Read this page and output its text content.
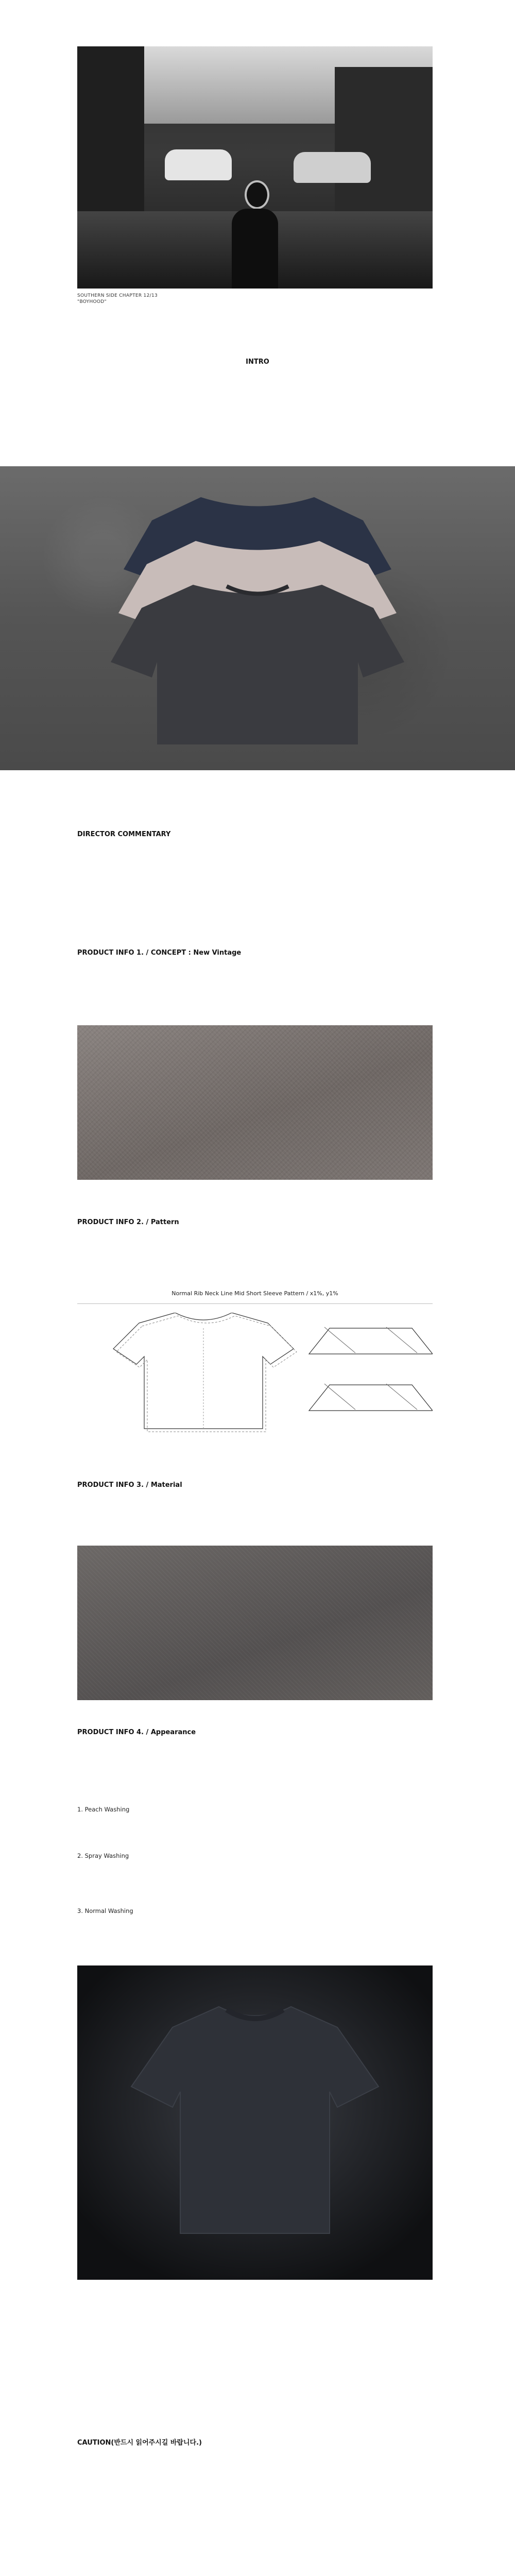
SOUTHERN SIDE CHAPTER 12/13
"BOYHOOD"
INTRO
DIRECTOR COMMENTARY
PRODUCT INFO 1. / CONCEPT : New Vintage
PRODUCT INFO 2. / Pattern
Normal Rib Neck Line Mid Short Sleeve Pattern / x1%, y1%
PRODUCT INFO 3. / Material
PRODUCT INFO 4. / Appearance
1. Peach Washing
2. Spray Washing
3. Normal Washing
CAUTION(반드시 읽어주시길 바랍니다.)
